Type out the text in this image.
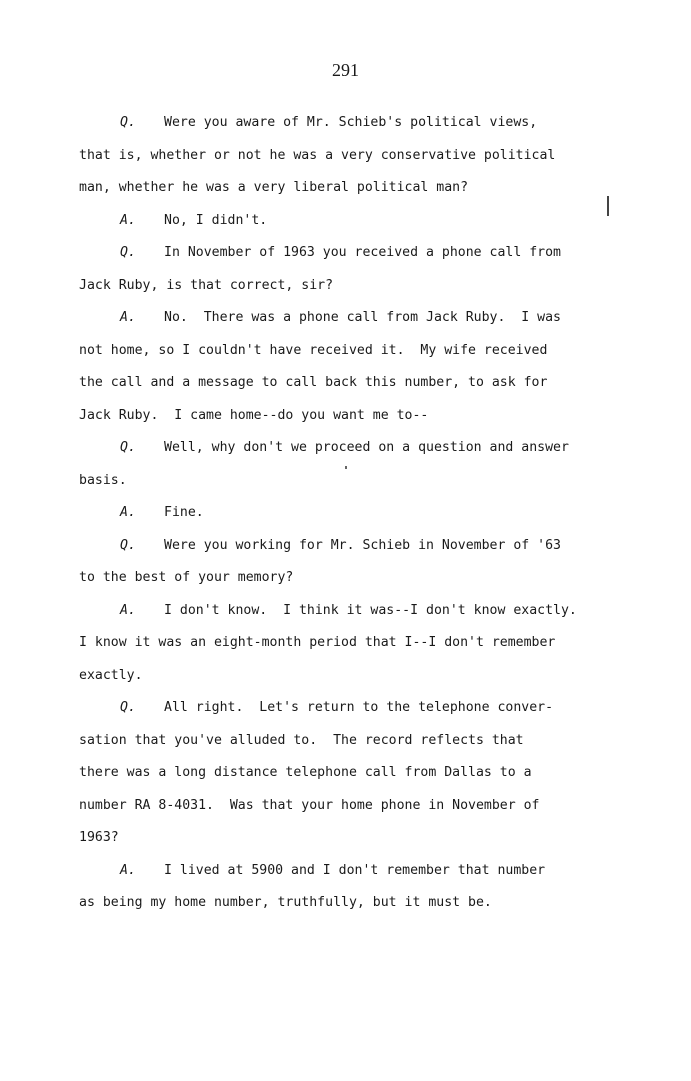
291
Q. Were you aware of Mr. Schieb's political views,
that is, whether or not he was a very conservative political
man, whether he was a very liberal political man?
A. No, I didn't.
Q. In November of 1963 you received a phone call from
Jack Ruby, is that correct, sir?
A. No.  There was a phone call from Jack Ruby.  I was
not home, so I couldn't have received it.  My wife received
the call and a message to call back this number, to ask for
Jack Ruby.  I came home--do you want me to--
Q. Well, why don't we proceed on a question and answer
basis.
A. Fine.
Q. Were you working for Mr. Schieb in November of '63
to the best of your memory?
A. I don't know.  I think it was--I don't know exactly.
I know it was an eight-month period that I--I don't remember
exactly.
Q. All right.  Let's return to the telephone conver-
sation that you've alluded to.  The record reflects that
there was a long distance telephone call from Dallas to a
number RA 8-4031.  Was that your home phone in November of
1963?
A. I lived at 5900 and I don't remember that number
as being my home number, truthfully, but it must be.
